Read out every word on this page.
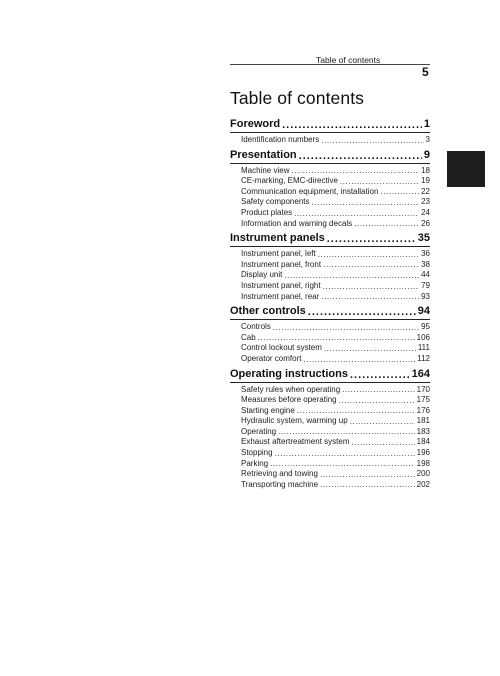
Table of contents
5
Table of contents
Foreword .....	1
Identification numbers .....	3
Presentation .....	9
Machine view .....	18
CE-marking, EMC-directive .....	19
Communication equipment, installation .....	22
Safety components .....	23
Product plates .....	24
Information and warning decals .....	26
Instrument panels .....	35
Instrument panel, left .....	36
Instrument panel, front .....	38
Display unit .....	44
Instrument panel, right .....	79
Instrument panel, rear .....	93
Other controls .....	94
Controls .....	95
Cab .....	106
Control lockout system .....	111
Operator comfort .....	112
Operating instructions .....	164
Safety rules when operating .....	170
Measures before operating .....	175
Starting engine .....	176
Hydraulic system, warming up .....	181
Operating .....	183
Exhaust aftertreatment system .....	184
Stopping .....	196
Parking .....	198
Retrieving and towing .....	200
Transporting machine .....	202
